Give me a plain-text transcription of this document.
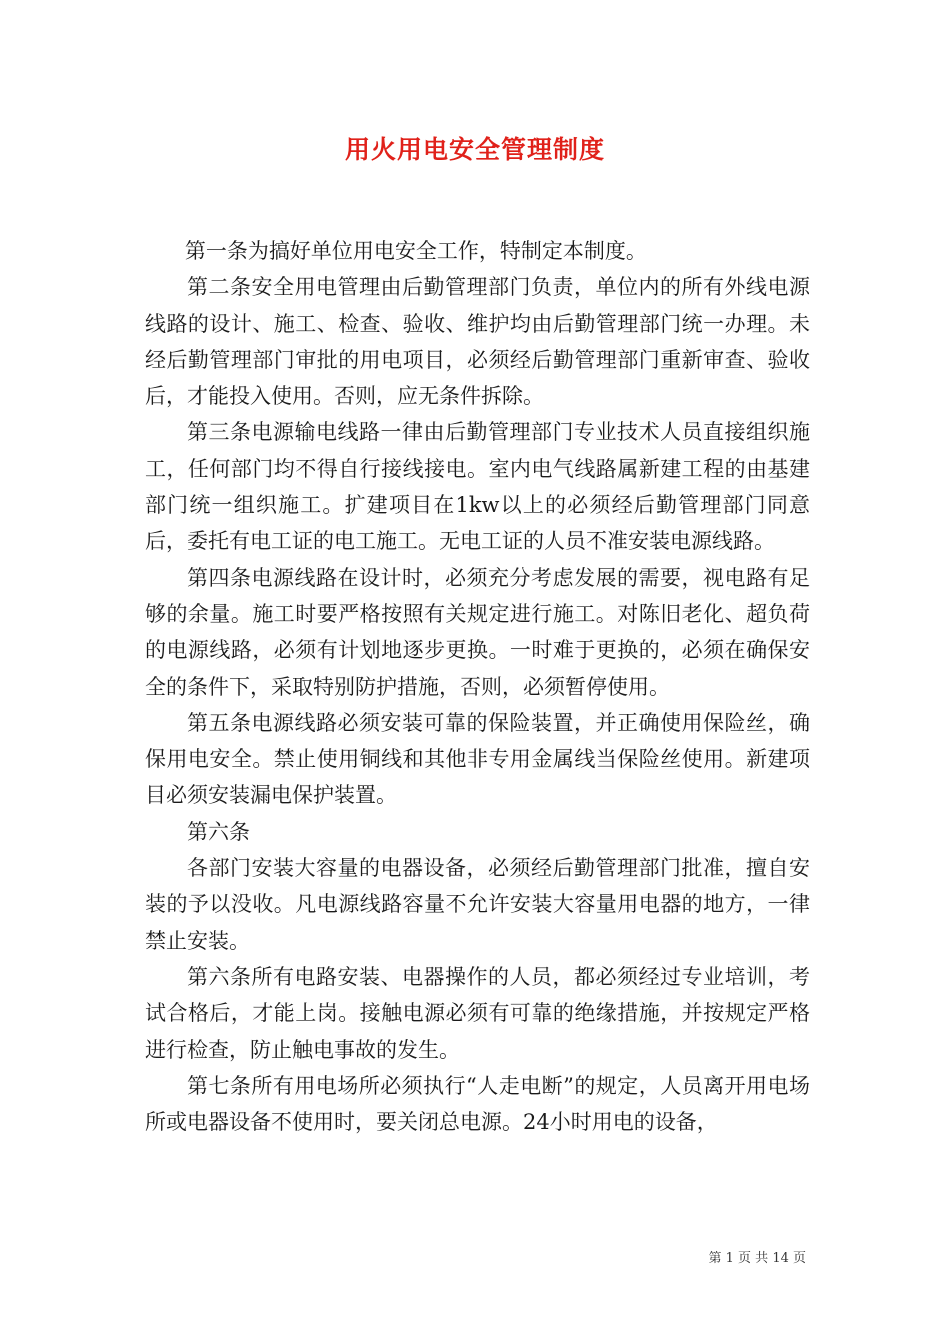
用火用电安全管理制度

第一条为搞好单位用电安全工作，特制定本制度。

第二条安全用电管理由后勤管理部门负责，单位内的所有外线电源线路的设计、施工、检查、验收、维护均由后勤管理部门统一办理。未经后勤管理部门审批的用电项目，必须经后勤管理部门重新审查、验收后，才能投入使用。否则，应无条件拆除。

第三条电源输电线路一律由后勤管理部门专业技术人员直接组织施工，任何部门均不得自行接线接电。室内电气线路属新建工程的由基建部门统一组织施工。扩建项目在1kw以上的必须经后勤管理部门同意后，委托有电工证的电工施工。无电工证的人员不准安装电源线路。

第四条电源线路在设计时，必须充分考虑发展的需要，视电路有足够的余量。施工时要严格按照有关规定进行施工。对陈旧老化、超负荷的电源线路，必须有计划地逐步更换。一时难于更换的，必须在确保安全的条件下，采取特别防护措施，否则，必须暂停使用。

第五条电源线路必须安装可靠的保险装置，并正确使用保险丝，确保用电安全。禁止使用铜线和其他非专用金属线当保险丝使用。新建项目必须安装漏电保护装置。

第六条

各部门安装大容量的电器设备，必须经后勤管理部门批准，擅自安装的予以没收。凡电源线路容量不允许安装大容量用电器的地方，一律禁止安装。

第六条所有电路安装、电器操作的人员，都必须经过专业培训，考试合格后，才能上岗。接触电源必须有可靠的绝缘措施，并按规定严格进行检查，防止触电事故的发生。

第七条所有用电场所必须执行“人走电断”的规定，人员离开用电场所或电器设备不使用时，要关闭总电源。24小时用电的设备，

第 1 页 共 14 页
